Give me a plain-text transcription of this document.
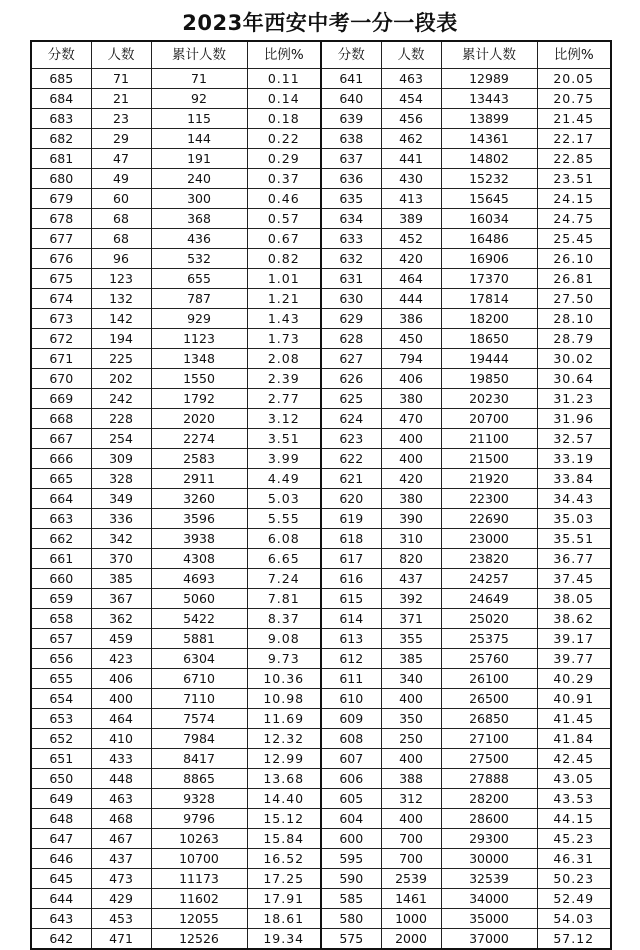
2023年西安中考一分一段表
分数	人数	累计人数	比例%	分数	人数	累计人数	比例%
685	71	71	0.11	641	463	12989	20.05
684	21	92	0.14	640	454	13443	20.75
683	23	115	0.18	639	456	13899	21.45
682	29	144	0.22	638	462	14361	22.17
681	47	191	0.29	637	441	14802	22.85
680	49	240	0.37	636	430	15232	23.51
679	60	300	0.46	635	413	15645	24.15
678	68	368	0.57	634	389	16034	24.75
677	68	436	0.67	633	452	16486	25.45
676	96	532	0.82	632	420	16906	26.10
675	123	655	1.01	631	464	17370	26.81
674	132	787	1.21	630	444	17814	27.50
673	142	929	1.43	629	386	18200	28.10
672	194	1123	1.73	628	450	18650	28.79
671	225	1348	2.08	627	794	19444	30.02
670	202	1550	2.39	626	406	19850	30.64
669	242	1792	2.77	625	380	20230	31.23
668	228	2020	3.12	624	470	20700	31.96
667	254	2274	3.51	623	400	21100	32.57
666	309	2583	3.99	622	400	21500	33.19
665	328	2911	4.49	621	420	21920	33.84
664	349	3260	5.03	620	380	22300	34.43
663	336	3596	5.55	619	390	22690	35.03
662	342	3938	6.08	618	310	23000	35.51
661	370	4308	6.65	617	820	23820	36.77
660	385	4693	7.24	616	437	24257	37.45
659	367	5060	7.81	615	392	24649	38.05
658	362	5422	8.37	614	371	25020	38.62
657	459	5881	9.08	613	355	25375	39.17
656	423	6304	9.73	612	385	25760	39.77
655	406	6710	10.36	611	340	26100	40.29
654	400	7110	10.98	610	400	26500	40.91
653	464	7574	11.69	609	350	26850	41.45
652	410	7984	12.32	608	250	27100	41.84
651	433	8417	12.99	607	400	27500	42.45
650	448	8865	13.68	606	388	27888	43.05
649	463	9328	14.40	605	312	28200	43.53
648	468	9796	15.12	604	400	28600	44.15
647	467	10263	15.84	600	700	29300	45.23
646	437	10700	16.52	595	700	30000	46.31
645	473	11173	17.25	590	2539	32539	50.23
644	429	11602	17.91	585	1461	34000	52.49
643	453	12055	18.61	580	1000	35000	54.03
642	471	12526	19.34	575	2000	37000	57.12
